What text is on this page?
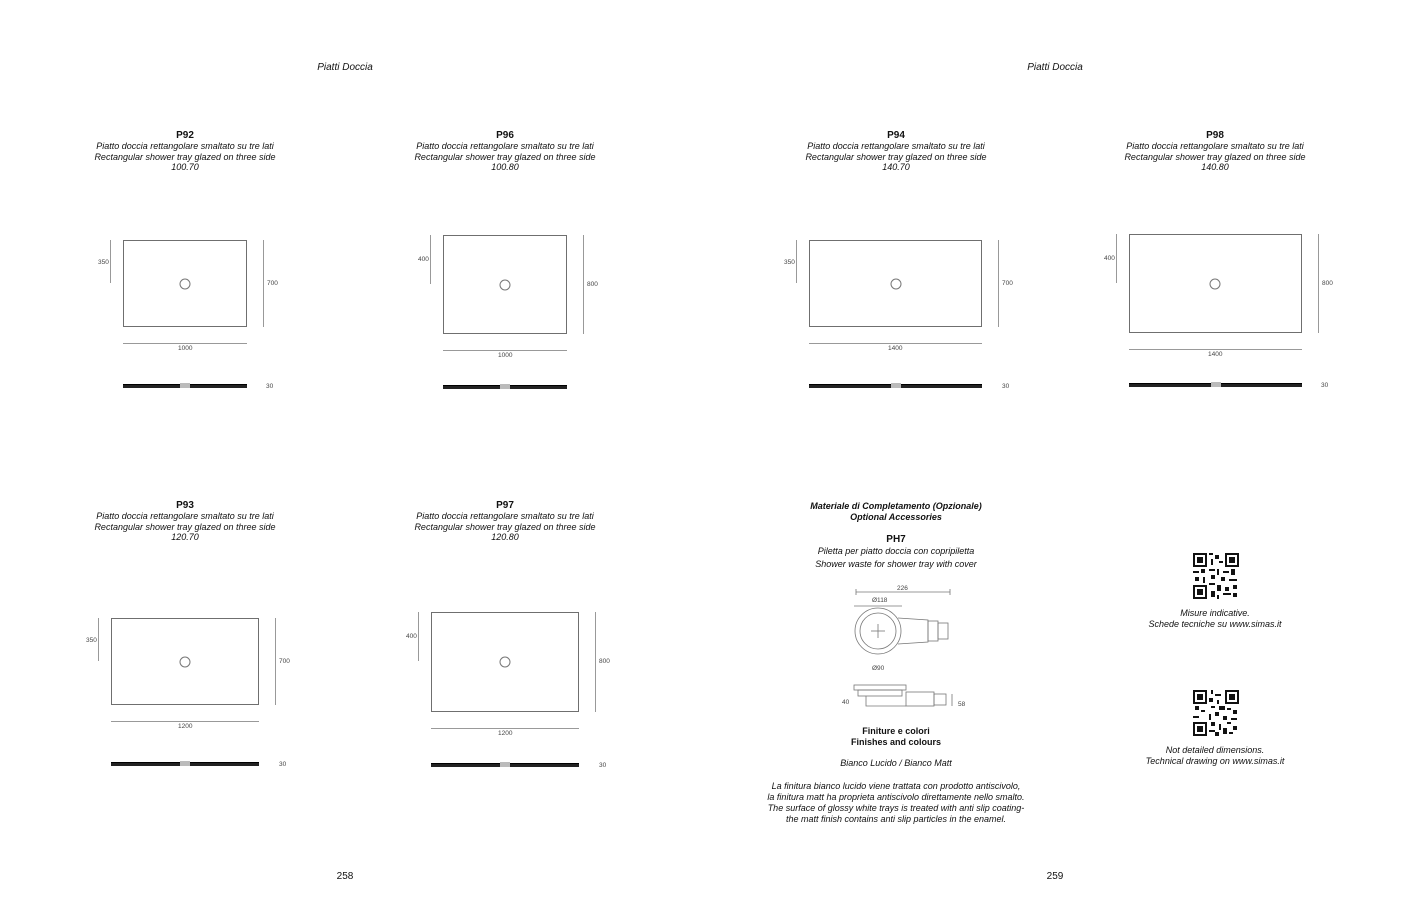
Piatti Doccia	Piatti Doccia
258	259
P92
Piatto doccia rettangolare smaltato su tre lati
Rectangular shower tray glazed on three side
100.70
350
700
1000
30
P96
Piatto doccia rettangolare smaltato su tre lati
Rectangular shower tray glazed on three side
100.80
400
800
1000
P94
Piatto doccia rettangolare smaltato su tre lati
Rectangular shower tray glazed on three side
140.70
350
700
1400
30
P98
Piatto doccia rettangolare smaltato su tre lati
Rectangular shower tray glazed on three side
140.80
400
800
1400
30
P93
Piatto doccia rettangolare smaltato su tre lati
Rectangular shower tray glazed on three side
120.70
350
700
1200
30
P97
Piatto doccia rettangolare smaltato su tre lati
Rectangular shower tray glazed on three side
120.80
400
800
1200
30
Materiale di Completamento (Opzionale)
Optional Accessories
PH7
Piletta per piatto doccia con copripiletta
Shower waste for shower tray with cover
226
Ø118
Ø90
40	58
Finiture e colori
Finishes and colours
Bianco Lucido / Bianco Matt
La finitura bianco lucido viene trattata con prodotto antiscivolo,
la finitura matt ha proprieta antiscivolo direttamente nello smalto.
The surface of glossy white trays is treated with anti slip coating-
the matt finish contains anti slip particles in the enamel.
Misure indicative.
Schede tecniche su www.simas.it
Not detailed dimensions.
Technical drawing on www.simas.it
